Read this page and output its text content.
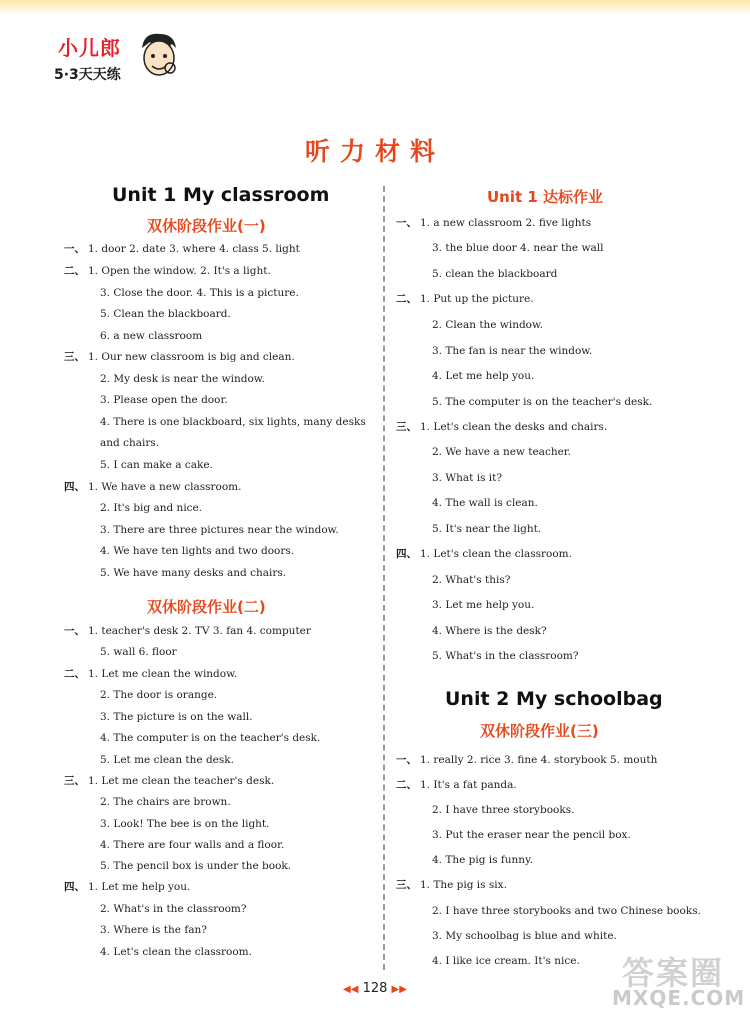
小儿郎
5·3天天练
听力材料
Unit 1 My classroom
双休阶段作业(一)
一、 1. door 2. date 3. where 4. class 5. light
二、 1. Open the window. 2. It's a light.
3. Close the door. 4. This is a picture.
5. Clean the blackboard.
6. a new classroom
三、 1. Our new classroom is big and clean.
2. My desk is near the window.
3. Please open the door.
4. There is one blackboard, six lights, many desks
and chairs.
5. I can make a cake.
四、 1. We have a new classroom.
2. It's big and nice.
3. There are three pictures near the window.
4. We have ten lights and two doors.
5. We have many desks and chairs.
双休阶段作业(二)
一、 1. teacher's desk 2. TV 3. fan 4. computer
5. wall 6. floor
二、 1. Let me clean the window.
2. The door is orange.
3. The picture is on the wall.
4. The computer is on the teacher's desk.
5. Let me clean the desk.
三、 1. Let me clean the teacher's desk.
2. The chairs are brown.
3. Look! The bee is on the light.
4. There are four walls and a floor.
5. The pencil box is under the book.
四、 1. Let me help you.
2. What's in the classroom?
3. Where is the fan?
4. Let's clean the classroom.
Unit 1 达标作业
一、 1. a new classroom 2. five lights
3. the blue door 4. near the wall
5. clean the blackboard
二、 1. Put up the picture.
2. Clean the window.
3. The fan is near the window.
4. Let me help you.
5. The computer is on the teacher's desk.
三、 1. Let's clean the desks and chairs.
2. We have a new teacher.
3. What is it?
4. The wall is clean.
5. It's near the light.
四、 1. Let's clean the classroom.
2. What's this?
3. Let me help you.
4. Where is the desk?
5. What's in the classroom?
Unit 2 My schoolbag
双休阶段作业(三)
一、 1. really 2. rice 3. fine 4. storybook 5. mouth
二、 1. It's a fat panda.
2. I have three storybooks.
3. Put the eraser near the pencil box.
4. The pig is funny.
三、 1. The pig is six.
2. I have three storybooks and two Chinese books.
3. My schoolbag is blue and white.
4. I like ice cream. It's nice.
◀◀ 128 ▶▶	答案圈
MXQE.COM
